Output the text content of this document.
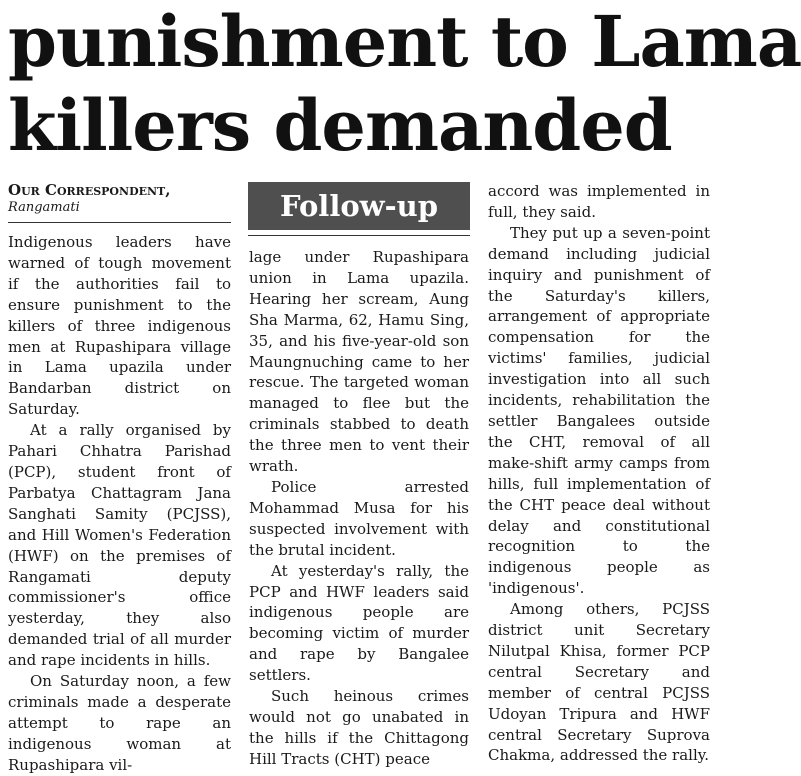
punishment to Lama
killers demanded
Our Correspondent,
Rangamati	Follow-up

Indigenous leaders have warned of tough movement if the authorities fail to ensure punishment to the killers of three indigenous men at Rupashipara village in Lama upazila under Bandarban district on Saturday.

At a rally organised by Pahari Chhatra Parishad (PCP), student front of Parbatya Chattagram Jana Sanghati Samity (PCJSS), and Hill Women's Federation (HWF) on the premises of Rangamati deputy commissioner's office yesterday, they also demanded trial of all murder and rape incidents in hills.

On Saturday noon, a few criminals made a desperate attempt to rape an indigenous woman at Rupashipara vil-

lage under Rupashipara union in Lama upazila. Hearing her scream, Aung Sha Marma, 62, Hamu Sing, 35, and his five-year-old son Maungnuching came to her rescue. The targeted woman managed to flee but the criminals stabbed to death the three men to vent their wrath.

Police arrested Mohammad Musa for his suspected involvement with the brutal incident.

At yesterday's rally, the PCP and HWF leaders said indigenous people are becoming victim of murder and rape by Bangalee settlers.

Such heinous crimes would not go unabated in the hills if the Chittagong Hill Tracts (CHT) peace

accord was implemented in full, they said.

They put up a seven-point demand including judicial inquiry and punishment of the Saturday's killers, arrangement of appropriate compensation for the victims' families, judicial investigation into all such incidents, rehabilitation the settler Bangalees outside the CHT, removal of all make-shift army camps from hills, full implementation of the CHT peace deal without delay and constitutional recognition to the indigenous people as 'indigenous'.

Among others, PCJSS district unit Secretary Nilutpal Khisa, former PCP central Secretary and member of central PCJSS Udoyan Tripura and HWF central Secretary Suprova Chakma, addressed the rally.
